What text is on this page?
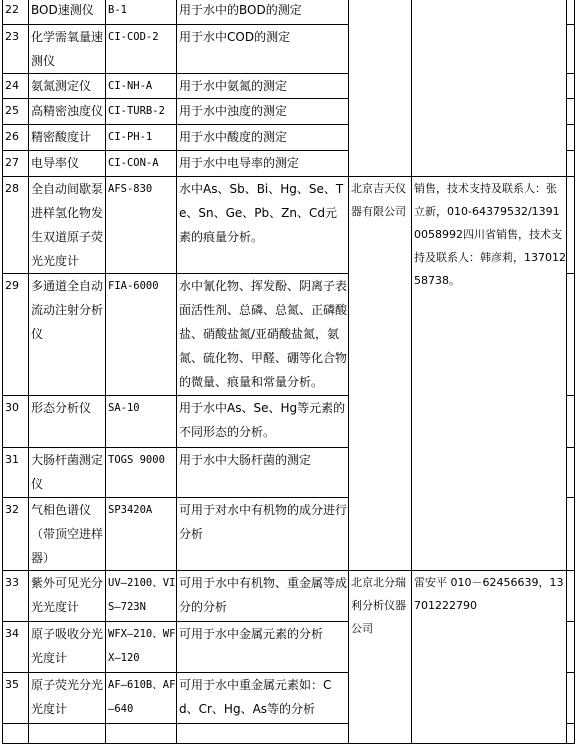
22	BOD速测仪	B-1	用于水中的BOD的测定			
23	化学需氧量速测仪	CI-COD-2	用于水中COD的测定			
24	氨氮测定仪	CI-NH-A	用于水中氨氮的测定			
25	高精密浊度仪	CI-TURB-2	用于水中浊度的测定			
26	精密酸度计	CI-PH-1	用于水中酸度的测定			
27	电导率仪	CI-CON-A	用于水中电导率的测定			
28	全自动间歇泵进样氢化物发生双道原子荧光光度计	AFS-830	水中As、Sb、Bi、Hg、Se、Te、Sn、Ge、Pb、Zn、Cd元素的痕量分析。	北京吉天仪器有限公司	销售，技术支持及联系人：张立新，010-64379532/13910058992四川省销售，技术支持及联系人：韩彦莉，13701258738。	
29	多通道全自动流动注射分析仪	FIA-6000	水中氰化物、挥发酚、阴离子表面活性剂、总磷、总氮、正磷酸盐、硝酸盐氮/亚硝酸盐氮，氨氮、硫化物、甲醛、硼等化合物的微量、痕量和常量分析。			
30	形态分析仪	SA-10	用于水中As、Se、Hg等元素的不同形态的分析。			
31	大肠杆菌测定仪	TOGS 9000	用于水中大肠杆菌的测定			
32	气相色谱仪（带顶空进样器）	SP3420A	可用于对水中有机物的成分进行分析			
33	紫外可见光分光光度计	UV—2100、VIS—723N	可用于水中有机物、重金属等成分的分析	北京北分瑞利分析仪器公司	雷安平 010－62456639，13701222790	
34	原子吸收分光光度计	WFX—210、WFX—120	可用于水中金属元素的分析			
35	原子荧光分光光度计	AF—610B、AF—640	可用于水中重金属元素如：Cd、Cr、Hg、As等的分析			
